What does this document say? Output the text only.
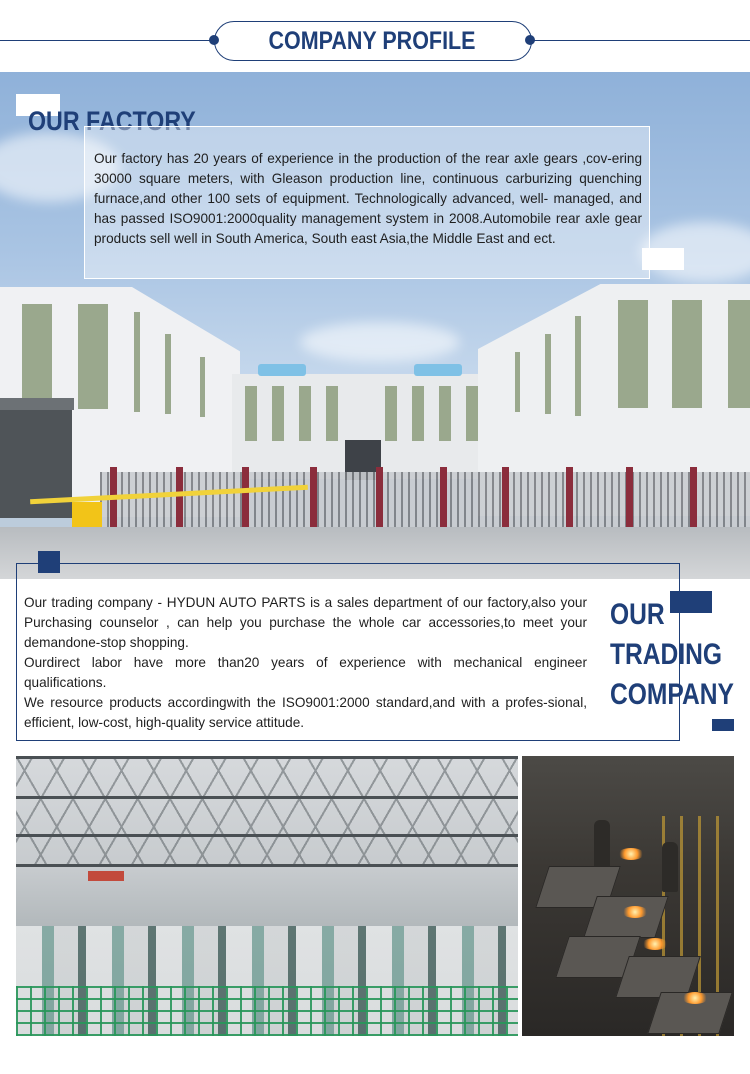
COMPANY PROFILE
OUR FACTORY

Our factory has 20 years of experience in the production of the rear axle gears ,cov-ering 30000 square meters, with Gleason production line, continuous carburizing quenching furnace,and other 100 sets of equipment. Technologically advanced, well- managed, and has passed ISO9001:2000quality management system in 2008.Automobile rear axle gear products sell well in South America, South east Asia,the Middle East and ect.

Our trading company - HYDUN AUTO PARTS is a sales department of our factory,also your Purchasing counselor , can help you purchase the whole car accessories,to meet your demandone-stop shopping.

Ourdirect labor have more than20 years of experience with mechanical engineer qualifications.

We resource products accordingwith the ISO9001:2000 standard,and with a profes-sional, efficient, low-cost, high-quality service attitude.

OUR
TRADING
COMPANY
